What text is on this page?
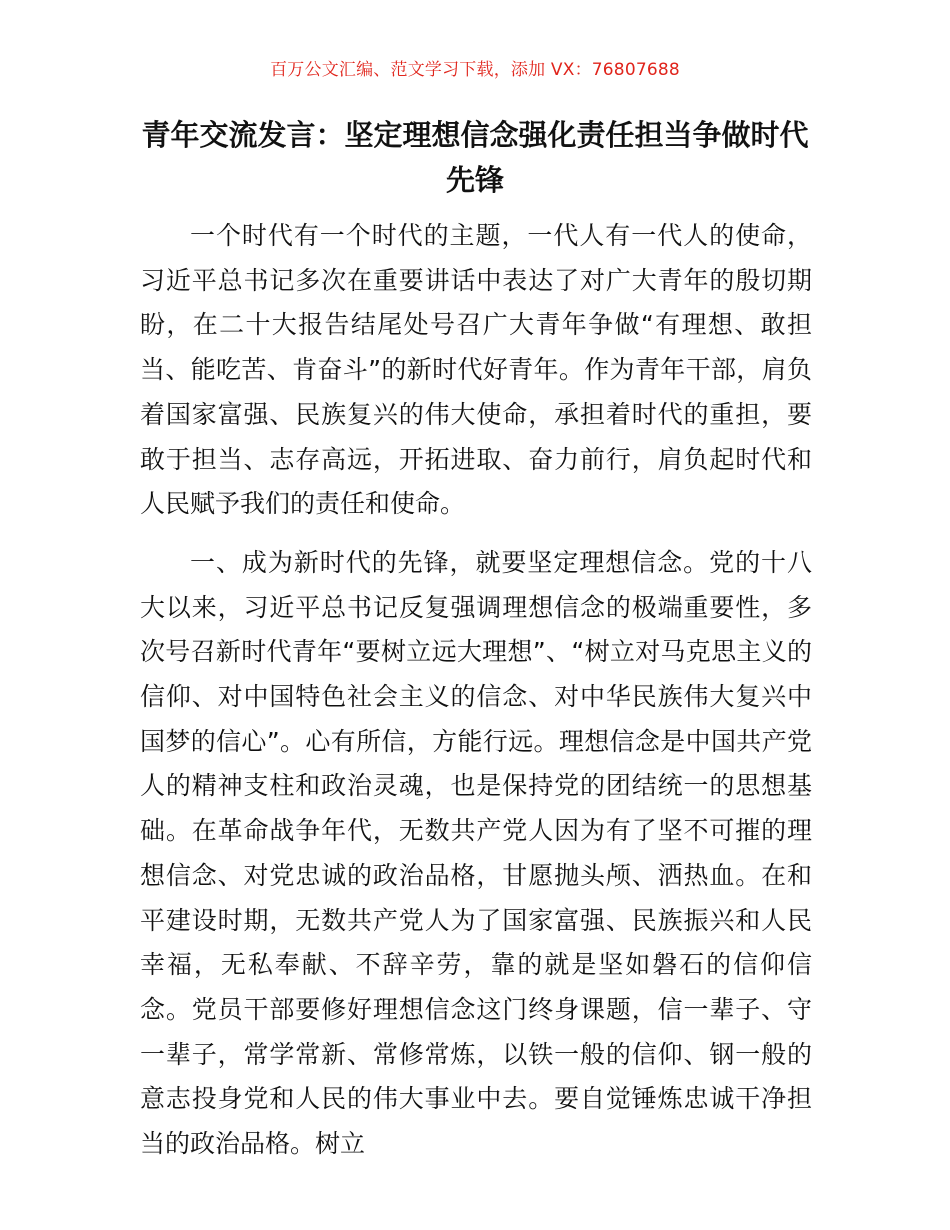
百万公文汇编、范文学习下载，添加 VX：76807688
青年交流发言：坚定理想信念强化责任担当争做时代先锋

一个时代有一个时代的主题，一代人有一代人的使命，习近平总书记多次在重要讲话中表达了对广大青年的殷切期盼，在二十大报告结尾处号召广大青年争做“有理想、敢担当、能吃苦、肯奋斗”的新时代好青年。作为青年干部，肩负着国家富强、民族复兴的伟大使命，承担着时代的重担，要敢于担当、志存高远，开拓进取、奋力前行，肩负起时代和人民赋予我们的责任和使命。

一、成为新时代的先锋，就要坚定理想信念。党的十八大以来，习近平总书记反复强调理想信念的极端重要性，多次号召新时代青年“要树立远大理想”、“树立对马克思主义的信仰、对中国特色社会主义的信念、对中华民族伟大复兴中国梦的信心”。心有所信，方能行远。理想信念是中国共产党人的精神支柱和政治灵魂，也是保持党的团结统一的思想基础。在革命战争年代，无数共产党人因为有了坚不可摧的理想信念、对党忠诚的政治品格，甘愿抛头颅、洒热血。在和平建设时期，无数共产党人为了国家富强、民族振兴和人民幸福，无私奉献、不辞辛劳，靠的就是坚如磐石的信仰信念。党员干部要修好理想信念这门终身课题，信一辈子、守一辈子，常学常新、常修常炼，以铁一般的信仰、钢一般的意志投身党和人民的伟大事业中去。要自觉锤炼忠诚干净担当的政治品格。树立
